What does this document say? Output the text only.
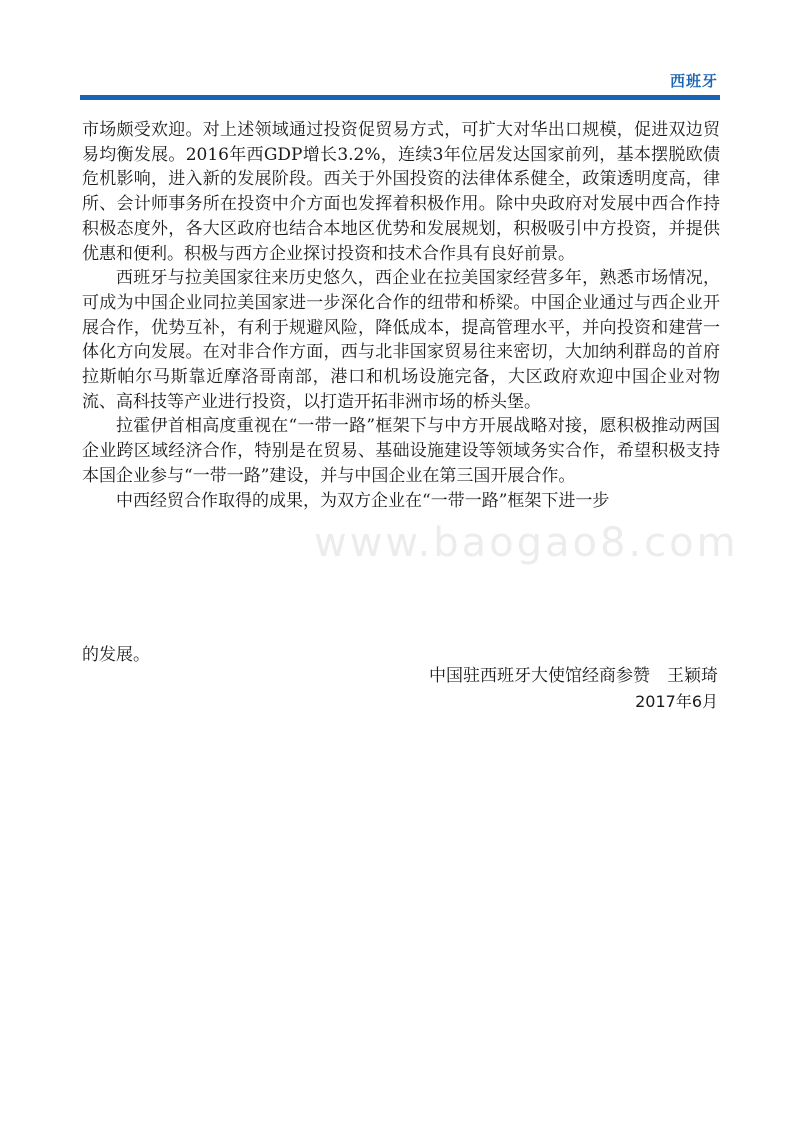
西班牙

市场颇受欢迎。对上述领域通过投资促贸易方式，可扩大对华出口规模，促进双边贸易均衡发展。2016年西GDP增长3.2%，连续3年位居发达国家前列，基本摆脱欧债危机影响，进入新的发展阶段。西关于外国投资的法律体系健全，政策透明度高，律所、会计师事务所在投资中介方面也发挥着积极作用。除中央政府对发展中西合作持积极态度外，各大区政府也结合本地区优势和发展规划，积极吸引中方投资，并提供优惠和便利。积极与西方企业探讨投资和技术合作具有良好前景。

西班牙与拉美国家往来历史悠久，西企业在拉美国家经营多年，熟悉市场情况，可成为中国企业同拉美国家进一步深化合作的纽带和桥梁。中国企业通过与西企业开展合作，优势互补，有利于规避风险，降低成本，提高管理水平，并向投资和建营一体化方向发展。在对非合作方面，西与北非国家贸易往来密切，大加纳利群岛的首府拉斯帕尔马斯靠近摩洛哥南部，港口和机场设施完备，大区政府欢迎中国企业对物流、高科技等产业进行投资，以打造开拓非洲市场的桥头堡。

拉霍伊首相高度重视在“一带一路”框架下与中方开展战略对接，愿积极推动两国企业跨区域经济合作，特别是在贸易、基础设施建设等领域务实合作，希望积极支持本国企业参与“一带一路”建设，并与中国企业在第三国开展合作。

中西经贸合作取得的成果，为双方企业在“一带一路”框架下进一步

的发展。
中国驻西班牙大使馆经商参赞　王颖琦
2017年6月
www.baogao8.com
